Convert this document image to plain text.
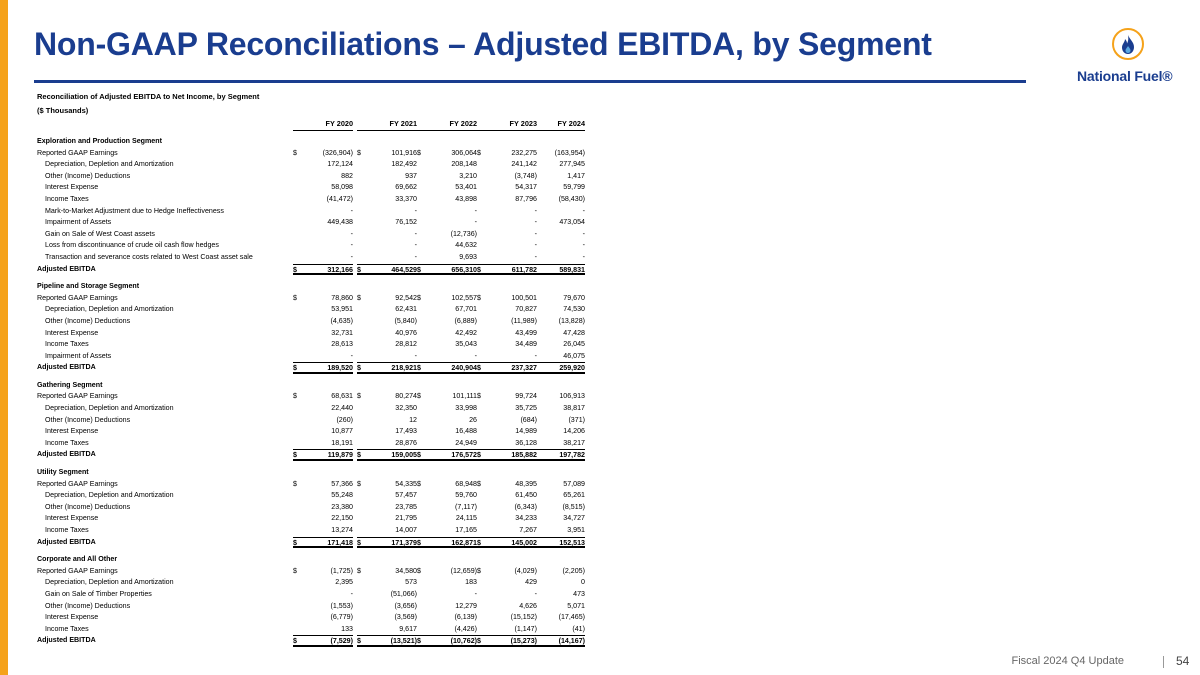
Non-GAAP Reconciliations – Adjusted EBITDA, by Segment
National Fuel®
Reconciliation of Adjusted EBITDA to Net Income, by Segment
($ Thousands)
FY 2020	FY 2021	FY 2022	FY 2023	FY 2024
Exploration and Production Segment
Reported GAAP Earnings	$	(326,904) $	101,916 $	306,064 $	232,275 (163,954)
Depreciation, Depletion and Amortization	172,124	182,492	208,148	241,142	277,945
Other (Income) Deductions	882	937	3,210	(3,748)	1,417
Interest Expense	58,098	69,662	53,401	54,317	59,799
Income Taxes	(41,472)	33,370	43,898	87,796	(58,430)
Mark-to-Market Adjustment due to Hedge Ineffectiveness	-	-	-	-	-
Impairment of Assets	449,438	76,152	-	-	473,054
Gain on Sale of West Coast assets	-	-	(12,736)	-	-
Loss from discontinuance of crude oil cash flow hedges	-	-	44,632	-	-
Transaction and severance costs related to West Coast asset sale	-	-	9,693	-	-
Adjusted EBITDA	$	312,166 $	464,529 $	656,310 $	611,782	589,831
Pipeline and Storage Segment
Reported GAAP Earnings	$	78,860 $	92,542 $	102,557 $	100,501	79,670
Depreciation, Depletion and Amortization	53,951	62,431	67,701	70,827	74,530
Other (Income) Deductions	(4,635)	(5,840)	(6,889)	(11,989)	(13,828)
Interest Expense	32,731	40,976	42,492	43,499	47,428
Income Taxes	28,613	28,812	35,043	34,489	26,045
Impairment of Assets	-	-	-	-	46,075
Adjusted EBITDA	$	189,520 $	218,921 $	240,904 $	237,327	259,920
Gathering Segment
Reported GAAP Earnings	$	68,631 $	80,274 $	101,111 $	99,724	106,913
Depreciation, Depletion and Amortization	22,440	32,350	33,998	35,725	38,817
Other (Income) Deductions	(260)	12	26	(684)	(371)
Interest Expense	10,877	17,493	16,488	14,989	14,206
Income Taxes	18,191	28,876	24,949	36,128	38,217
Adjusted EBITDA	$	119,879 $	159,005 $	176,572 $	185,882	197,782
Utility Segment
Reported GAAP Earnings	$	57,366 $	54,335 $	68,948 $	48,395	57,089
Depreciation, Depletion and Amortization	55,248	57,457	59,760	61,450	65,261
Other (Income) Deductions	23,380	23,785	(7,117)	(6,343)	(8,515)
Interest Expense	22,150	21,795	24,115	34,233	34,727
Income Taxes	13,274	14,007	17,165	7,267	3,951
Adjusted EBITDA	$	171,418 $	171,379 $	162,871 $	145,002	152,513
Corporate and All Other
Reported GAAP Earnings	$	(1,725) $	34,580 $	(12,659) $	(4,029)	(2,205)
Depreciation, Depletion and Amortization	2,395	573	183	429	0
Gain on Sale of Timber Properties	-	(51,066)	-	-	473
Other (Income) Deductions	(1,553)	(3,656)	12,279	4,626	5,071
Interest Expense	(6,779)	(3,569)	(6,139)	(15,152)	(17,465)
Income Taxes	133	9,617	(4,426)	(1,147)	(41)
Adjusted EBITDA	$	(7,529) $	(13,521) $	(10,762) $	(15,273)	(14,167)
Fiscal 2024 Q4 Update	54
